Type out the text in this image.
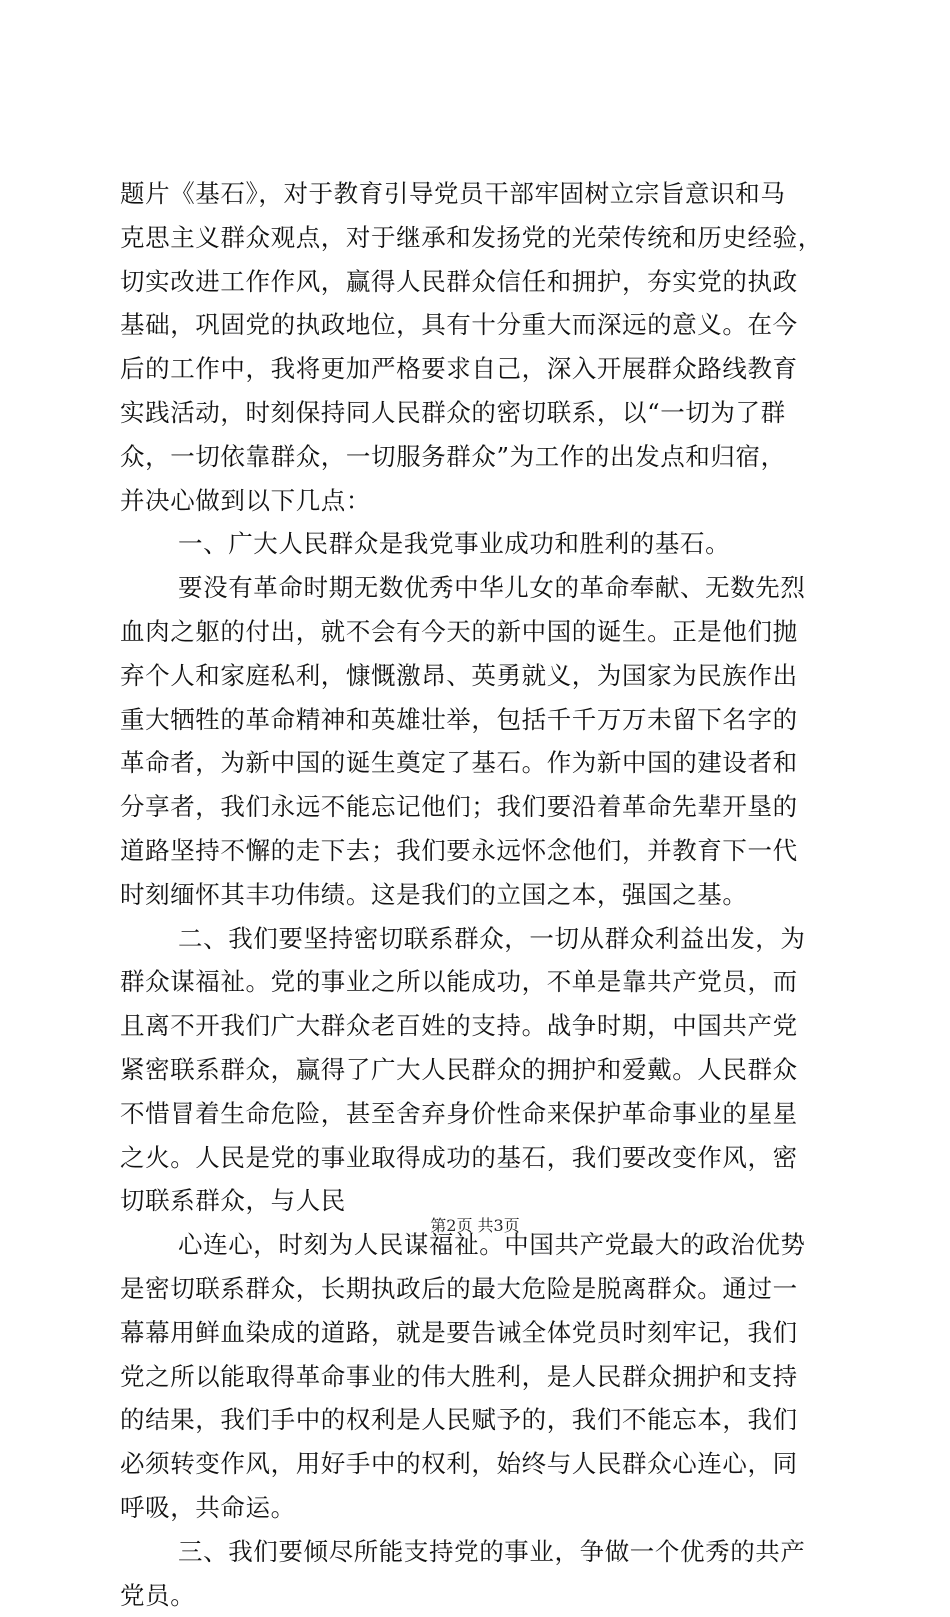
题片《基石》，对于教育引导党员干部牢固树立宗旨意识和马
克思主义群众观点，对于继承和发扬党的光荣传统和历史经验，
切实改进工作作风，赢得人民群众信任和拥护，夯实党的执政
基础，巩固党的执政地位，具有十分重大而深远的意义。在今
后的工作中，我将更加严格要求自己，深入开展群众路线教育
实践活动，时刻保持同人民群众的密切联系，以“一切为了群
众，一切依靠群众，一切服务群众”为工作的出发点和归宿，
并决心做到以下几点：
一、广大人民群众是我党事业成功和胜利的基石。
要没有革命时期无数优秀中华儿女的革命奉献、无数先烈
血肉之躯的付出，就不会有今天的新中国的诞生。正是他们抛
弃个人和家庭私利，慷慨激昂、英勇就义，为国家为民族作出
重大牺牲的革命精神和英雄壮举，包括千千万万未留下名字的
革命者，为新中国的诞生奠定了基石。作为新中国的建设者和
分享者，我们永远不能忘记他们；我们要沿着革命先辈开垦的
道路坚持不懈的走下去；我们要永远怀念他们，并教育下一代
时刻缅怀其丰功伟绩。这是我们的立国之本，强国之基。
二、我们要坚持密切联系群众，一切从群众利益出发，为
群众谋福祉。党的事业之所以能成功，不单是靠共产党员，而
且离不开我们广大群众老百姓的支持。战争时期，中国共产党
紧密联系群众，赢得了广大人民群众的拥护和爱戴。人民群众
不惜冒着生命危险，甚至舍弃身价性命来保护革命事业的星星
之火。人民是党的事业取得成功的基石，我们要改变作风，密
切联系群众，与人民
心连心，时刻为人民谋福祉。中国共产党最大的政治优势
是密切联系群众，长期执政后的最大危险是脱离群众。通过一
幕幕用鲜血染成的道路，就是要告诫全体党员时刻牢记，我们
党之所以能取得革命事业的伟大胜利，是人民群众拥护和支持
的结果，我们手中的权利是人民赋予的，我们不能忘本，我们
必须转变作风，用好手中的权利，始终与人民群众心连心，同
呼吸，共命运。
三、我们要倾尽所能支持党的事业，争做一个优秀的共产
党员。
第2页 共3页
